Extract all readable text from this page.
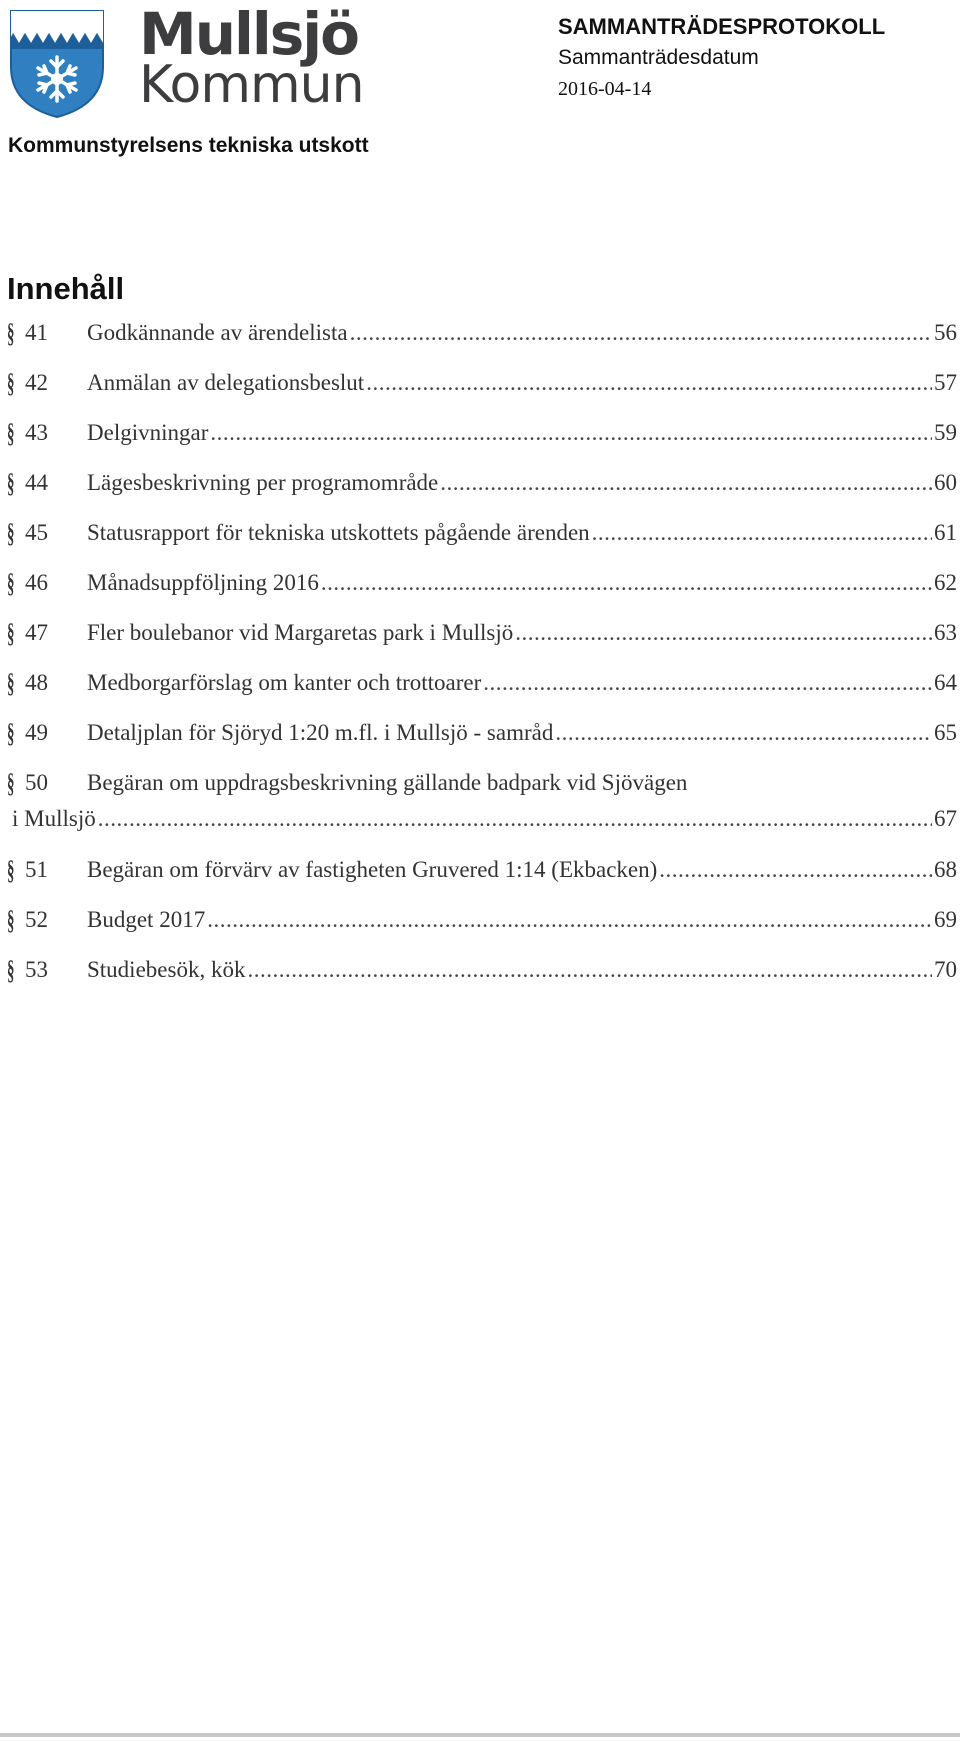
Mullsjö
Kommun
SAMMANTRÄDESPROTOKOLL
Sammanträdesdatum
2016-04-14
Kommunstyrelsens tekniska utskott
Innehåll
§ 41 Godkännande av ärendelista .....	56
§ 42 Anmälan av delegationsbeslut .....	57
§ 43 Delgivningar .....	59
§ 44 Lägesbeskrivning per programområde .....	60
§ 45 Statusrapport för tekniska utskottets pågående ärenden .....	61
§ 46 Månadsuppföljning 2016 .....	62
§ 47 Fler boulebanor vid Margaretas park i Mullsjö .....	63
§ 48 Medborgarförslag om kanter och trottoarer .....	64
§ 49 Detaljplan för Sjöryd 1:20 m.fl. i Mullsjö - samråd .....	65
§ 50 Begäran om uppdragsbeskrivning gällande badpark vid Sjövägen
i Mullsjö .....	67
§ 51 Begäran om förvärv av fastigheten Gruvered 1:14 (Ekbacken) .....	68
§ 52 Budget 2017 .....	69
§ 53 Studiebesök, kök .....	70
